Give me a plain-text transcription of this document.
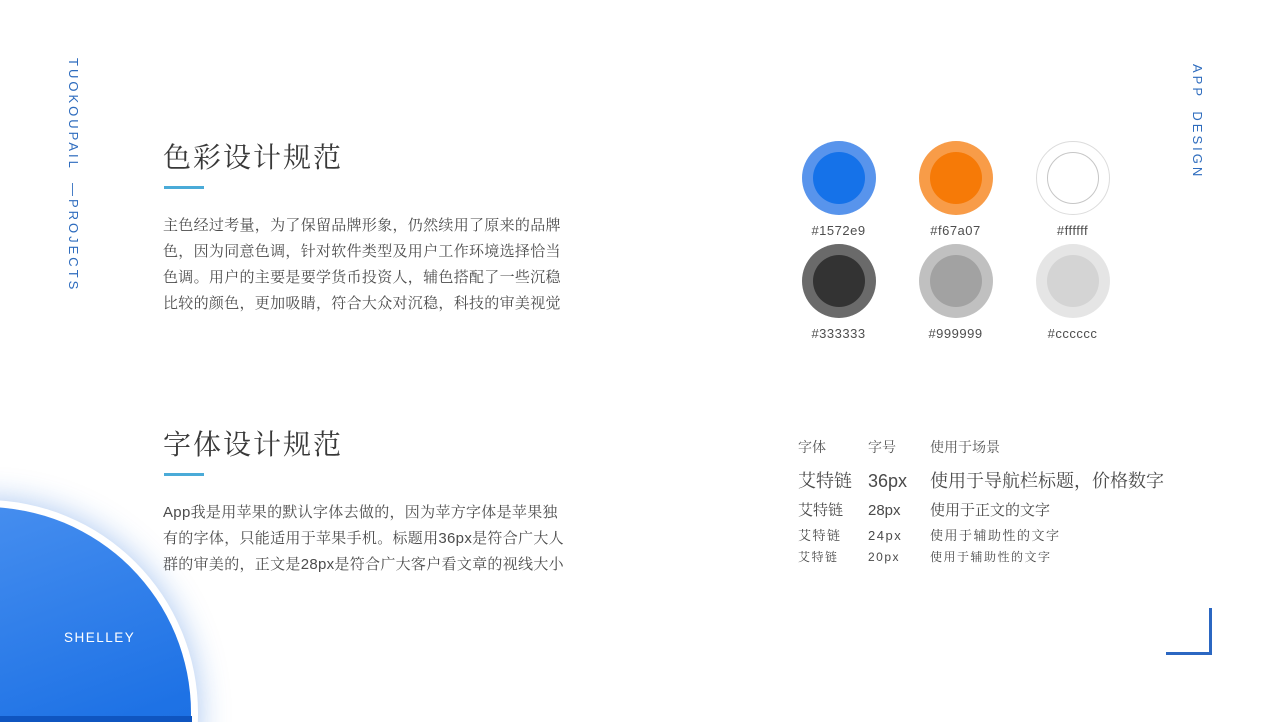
TUOKOUPAIL —PROJECTS	APP DESIGN
色彩设计规范
主色经过考量，为了保留品牌形象，仍然续用了原来的品牌
色，因为同意色调，针对软件类型及用户工作环境选择恰当
色调。用户的主要是要学货币投资人，辅色搭配了一些沉稳
比较的颜色，更加吸睛，符合大众对沉稳，科技的审美视觉
#1572e9	#f67a07	#ffffff
#333333	#999999	#cccccc
字体设计规范
App我是用苹果的默认字体去做的，因为苹方字体是苹果独
有的字体，只能适用于苹果手机。标题用36px是符合广大人
群的审美的，正文是28px是符合广大客户看文章的视线大小
字体	字号	使用于场景
艾特链 36px	使用于导航栏标题，价格数字
艾特链	28px	使用于正文的文字
艾特链	24px	使用于辅助性的文字
艾特链	20px	使用于辅助性的文字
SHELLEY
